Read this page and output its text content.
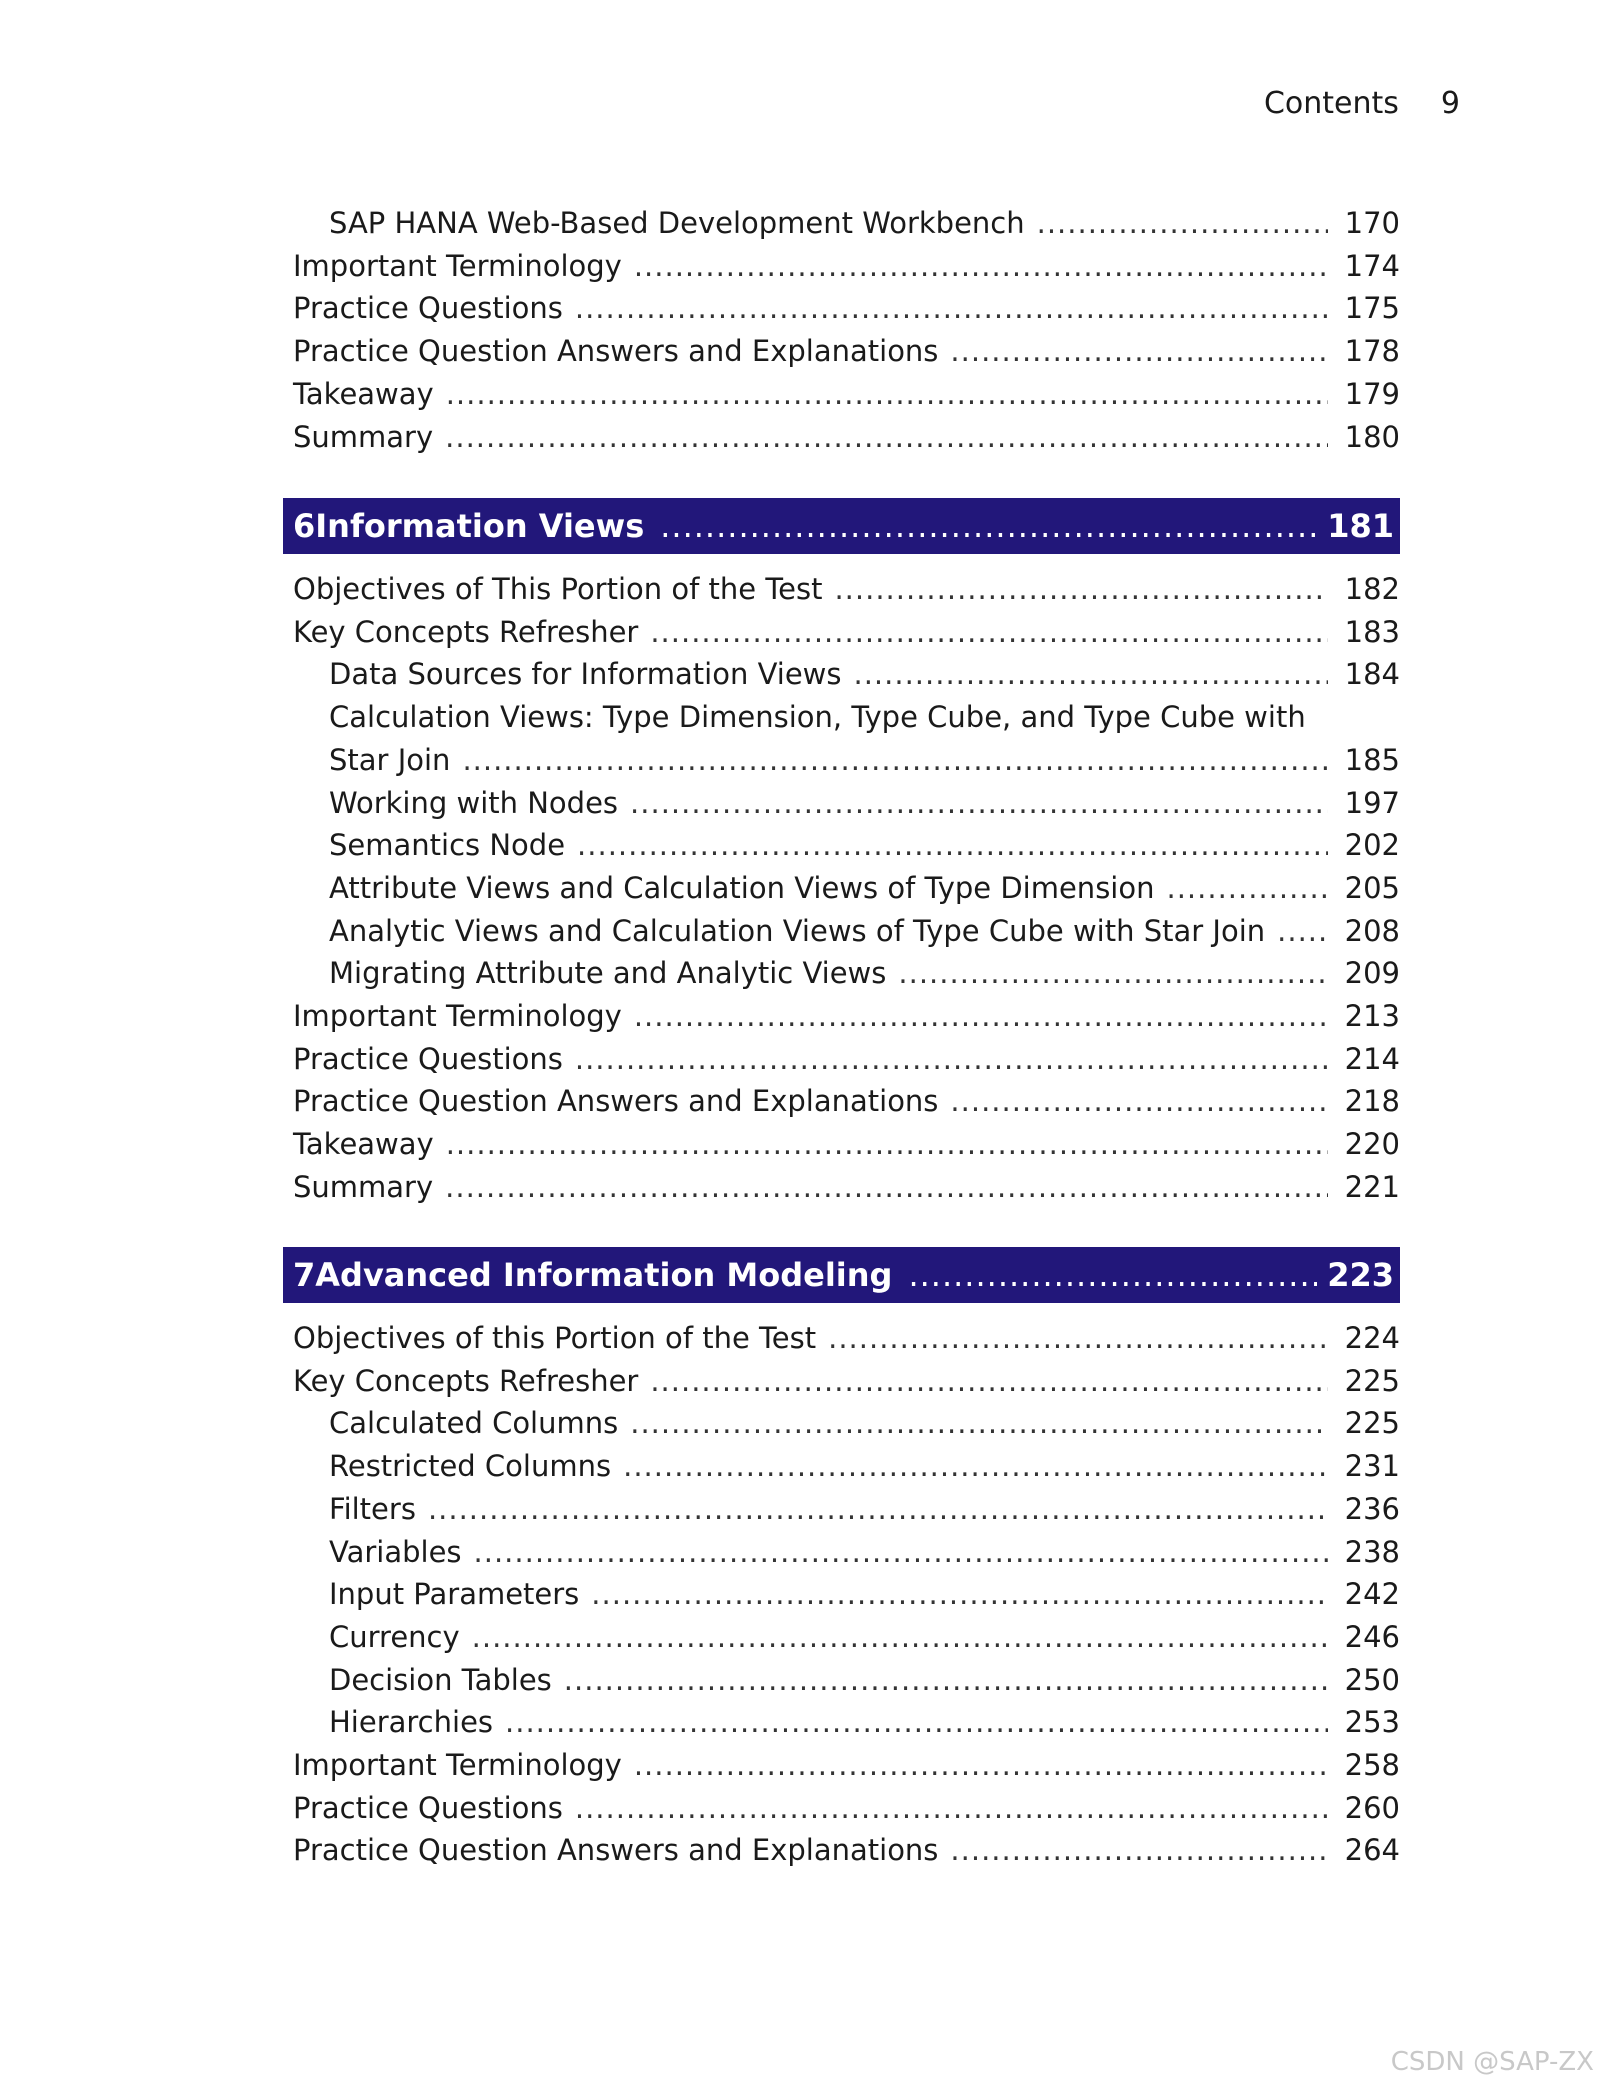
Contents 9
SAP HANA Web-Based Development Workbench .....	170
Important Terminology .....	174
Practice Questions .....	175
Practice Question Answers and Explanations .....	178
Takeaway .....	179
Summary .....	180
6 Information Views .....	181
Objectives of This Portion of the Test .....	182
Key Concepts Refresher .....	183
Data Sources for Information Views .....	184
Calculation Views: Type Dimension, Type Cube, and Type Cube with
Star Join .....	185
Working with Nodes .....	197
Semantics Node .....	202
Attribute Views and Calculation Views of Type Dimension .....	205
Analytic Views and Calculation Views of Type Cube with Star Join .....	208
Migrating Attribute and Analytic Views .....	209
Important Terminology .....	213
Practice Questions .....	214
Practice Question Answers and Explanations .....	218
Takeaway .....	220
Summary .....	221
7 Advanced Information Modeling .....	223
Objectives of this Portion of the Test .....	224
Key Concepts Refresher .....	225
Calculated Columns .....	225
Restricted Columns .....	231
Filters .....	236
Variables .....	238
Input Parameters .....	242
Currency .....	246
Decision Tables .....	250
Hierarchies .....	253
Important Terminology .....	258
Practice Questions .....	260
Practice Question Answers and Explanations .....	264
CSDN @SAP-ZX
